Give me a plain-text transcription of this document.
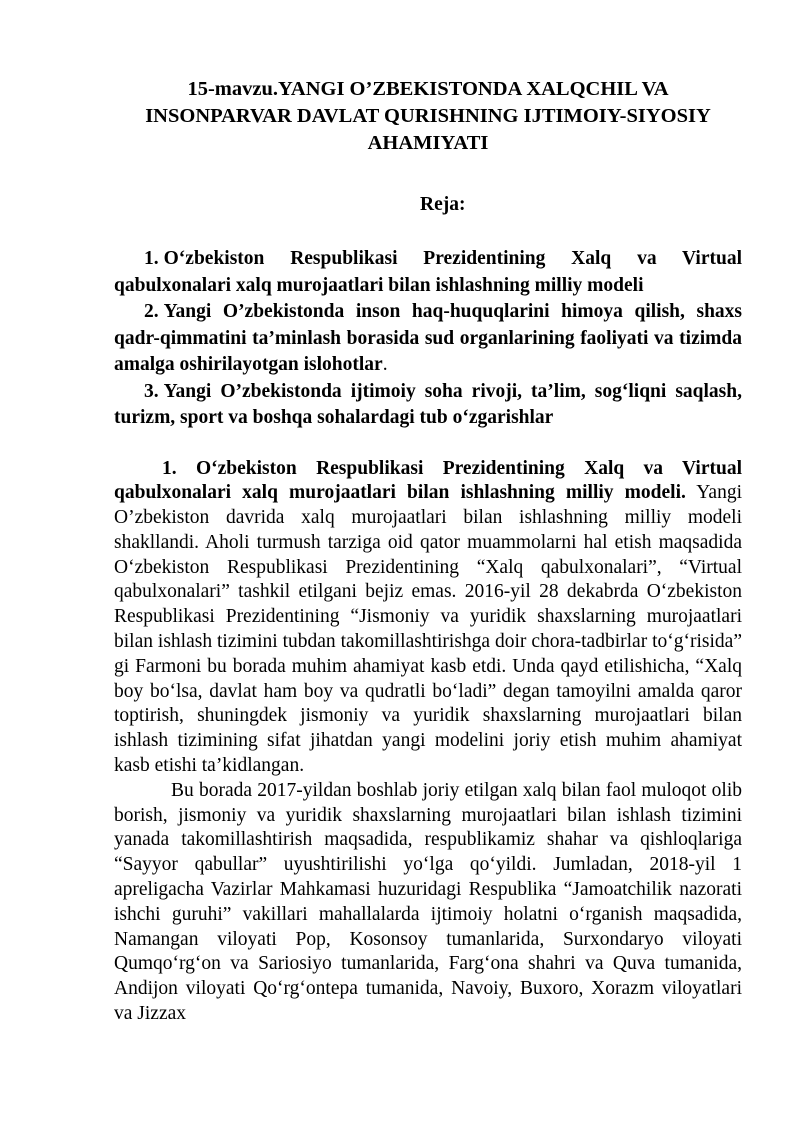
15-mavzu.YANGI O’ZBEKISTONDA XALQCHIL VA INSONPARVAR DAVLAT QURISHNING IJTIMOIY-SIYOSIY AHAMIYATI

Reja:

1. O‘zbekiston Respublikasi Prezidentining Xalq va Virtual qabulxonalari xalq murojaatlari bilan ishlashning milliy modeli

2. Yangi O’zbekistonda inson haq-huquqlarini himoya qilish, shaxs qadr-qimmatini ta’minlash borasida sud organlarining faoliyati va tizimda amalga oshirilayotgan islohotlar.

3. Yangi O’zbekistonda ijtimoiy soha rivoji, ta’lim, sog‘liqni saqlash, turizm, sport va boshqa sohalardagi tub o‘zgarishlar

1. O‘zbekiston Respublikasi Prezidentining Xalq va Virtual qabulxonalari xalq murojaatlari bilan ishlashning milliy modeli. Yangi O’zbekiston davrida xalq murojaatlari bilan ishlashning milliy modeli shakllandi. Aholi turmush tarziga oid qator muammolarni hal etish maqsadida O‘zbekiston Respublikasi Prezidentining “Xalq qabulxonalari”, “Virtual qabulxonalari” tashkil etilgani bejiz emas. 2016-yil 28 dekabrda O‘zbekiston Respublikasi Prezidentining “Jismoniy va yuridik shaxslarning murojaatlari bilan ishlash tizimini tubdan takomillashtirishga doir chora-tadbirlar to‘g‘risida” gi Farmoni bu borada muhim ahamiyat kasb etdi. Unda qayd etilishicha, “Xalq boy bo‘lsa, davlat ham boy va qudratli bo‘ladi” degan tamoyilni amalda qaror toptirish, shuningdek jismoniy va yuridik shaxslarning murojaatlari bilan ishlash tizimining sifat jihatdan yangi modelini joriy etish muhim ahamiyat kasb etishi ta’kidlangan.

Bu borada 2017-yildan boshlab joriy etilgan xalq bilan faol muloqot olib borish, jismoniy va yuridik shaxslarning murojaatlari bilan ishlash tizimini yanada takomillashtirish maqsadida, respublikamiz shahar va qishloqlariga “Sayyor qabullar” uyushtirilishi yo‘lga qo‘yildi. Jumladan, 2018-yil 1 apreligacha Vazirlar Mahkamasi huzuridagi Respublika “Jamoatchilik nazorati ishchi guruhi” vakillari mahallalarda ijtimoiy holatni o‘rganish maqsadida, Namangan viloyati Pop, Kosonsoy tumanlarida, Surxondaryo viloyati Qumqo‘rg‘on va Sariosiyo tumanlarida, Farg‘ona shahri va Quva tumanida, Andijon viloyati Qo‘rg‘ontepa tumanida, Navoiy, Buxoro, Xorazm viloyatlari va Jizzax
